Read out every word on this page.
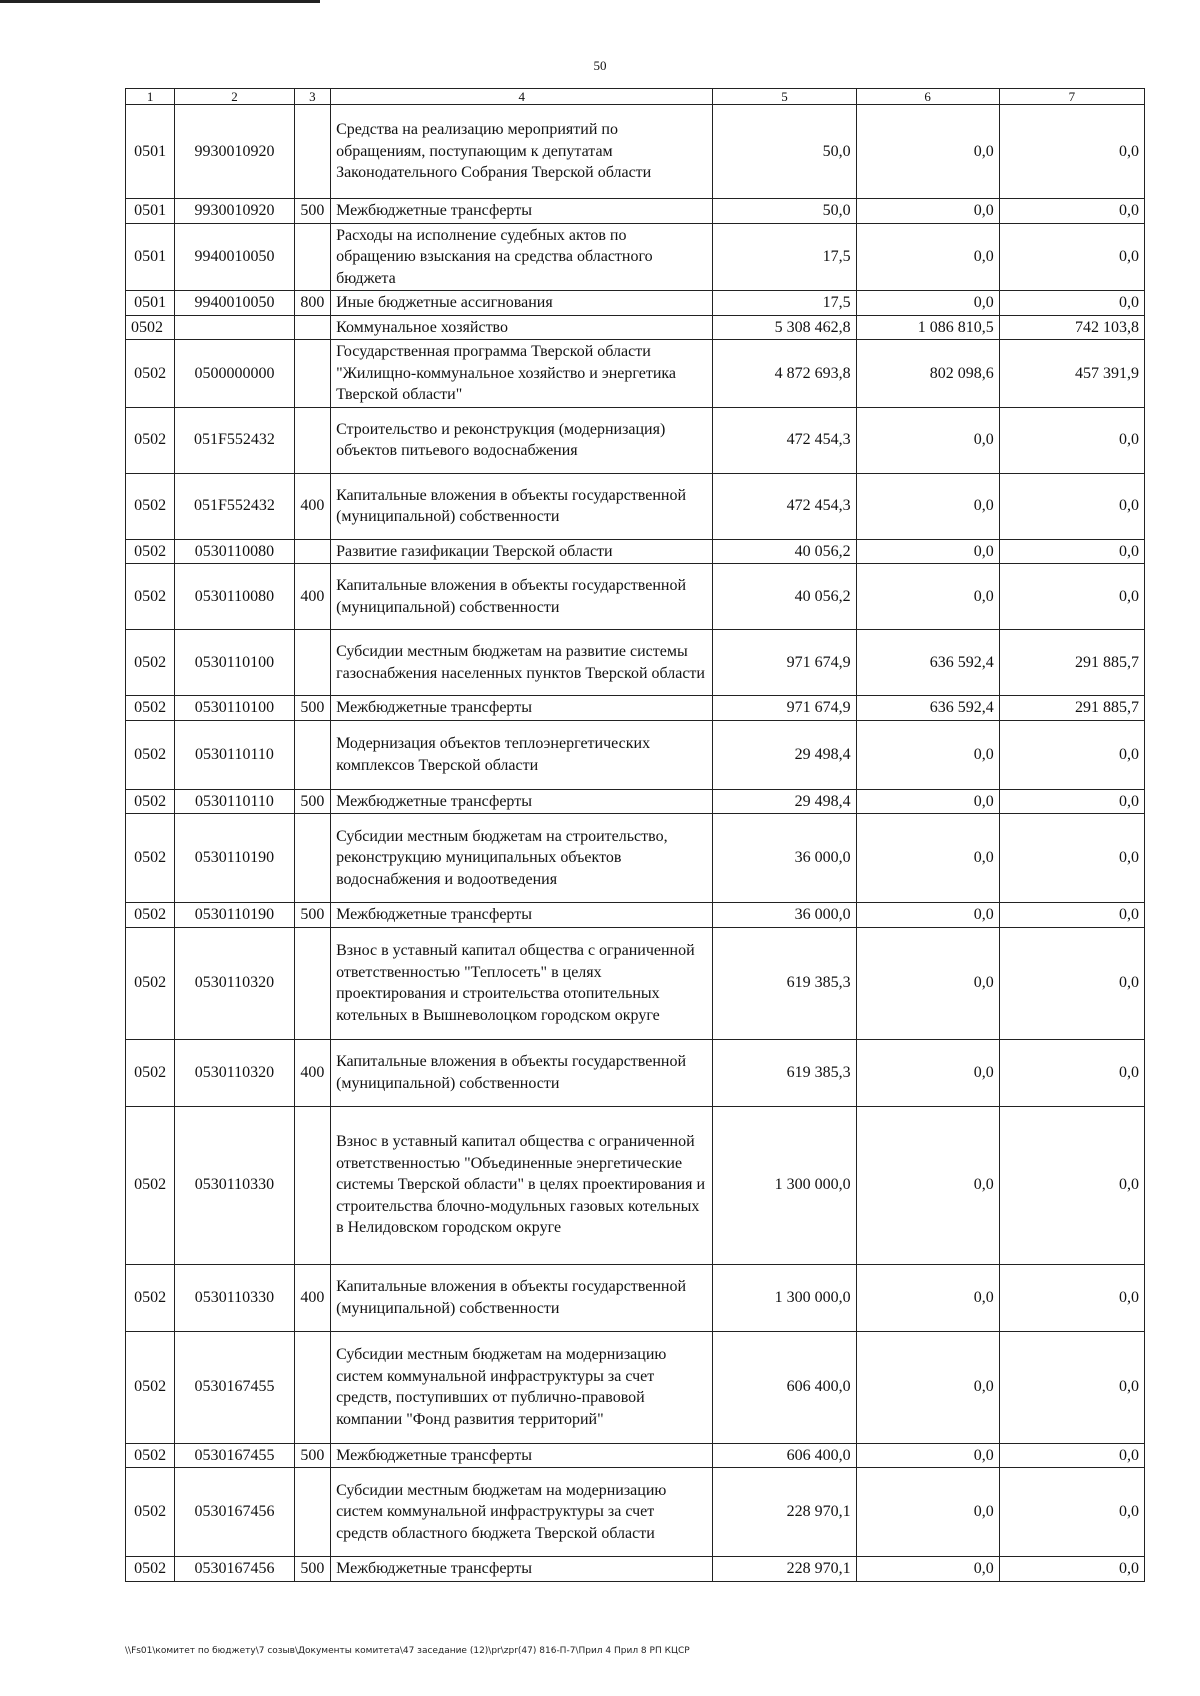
50
1	2	3	4	5	6	7
0501	9930010920		Средства на реализацию мероприятий по обращениям, поступающим к депутатам Законодательного Собрания Тверской области	50,0	0,0	0,0
0501	9930010920	500	Межбюджетные трансферты	50,0	0,0	0,0
0501	9940010050		Расходы на исполнение судебных актов по обращению взыскания на средства областного бюджета	17,5	0,0	0,0
0501	9940010050	800	Иные бюджетные ассигнования	17,5	0,0	0,0
0502			Коммунальное хозяйство	5 308 462,8	1 086 810,5	742 103,8
0502	0500000000		Государственная программа Тверской области "Жилищно-коммунальное хозяйство и энергетика Тверской области"	4 872 693,8	802 098,6	457 391,9
0502	051F552432		Строительство и реконструкция (модернизация) объектов питьевого водоснабжения	472 454,3	0,0	0,0
0502	051F552432	400	Капитальные вложения в объекты государственной (муниципальной) собственности	472 454,3	0,0	0,0
0502	0530110080		Развитие газификации Тверской области	40 056,2	0,0	0,0
0502	0530110080	400	Капитальные вложения в объекты государственной (муниципальной) собственности	40 056,2	0,0	0,0
0502	0530110100		Субсидии местным бюджетам на развитие системы газоснабжения населенных пунктов Тверской области	971 674,9	636 592,4	291 885,7
0502	0530110100	500	Межбюджетные трансферты	971 674,9	636 592,4	291 885,7
0502	0530110110		Модернизация объектов теплоэнергетических комплексов Тверской области	29 498,4	0,0	0,0
0502	0530110110	500	Межбюджетные трансферты	29 498,4	0,0	0,0
0502	0530110190		Субсидии местным бюджетам на строительство, реконструкцию муниципальных объектов водоснабжения и водоотведения	36 000,0	0,0	0,0
0502	0530110190	500	Межбюджетные трансферты	36 000,0	0,0	0,0
0502	0530110320		Взнос в уставный капитал общества с ограниченной ответственностью "Теплосеть" в целях проектирования и строительства отопительных котельных в Вышневолоцком городском округе	619 385,3	0,0	0,0
0502	0530110320	400	Капитальные вложения в объекты государственной (муниципальной) собственности	619 385,3	0,0	0,0
0502	0530110330		Взнос в уставный капитал общества с ограниченной ответственностью "Объединенные энергетические системы Тверской области" в целях проектирования и строительства блочно-модульных газовых котельных в Нелидовском городском округе	1 300 000,0	0,0	0,0
0502	0530110330	400	Капитальные вложения в объекты государственной (муниципальной) собственности	1 300 000,0	0,0	0,0
0502	0530167455		Субсидии местным бюджетам на модернизацию систем коммунальной инфраструктуры за счет средств, поступивших от публично-правовой компании "Фонд развития территорий"	606 400,0	0,0	0,0
0502	0530167455	500	Межбюджетные трансферты	606 400,0	0,0	0,0
0502	0530167456		Субсидии местным бюджетам на модернизацию систем коммунальной инфраструктуры за счет средств областного бюджета Тверской области	228 970,1	0,0	0,0
0502	0530167456	500	Межбюджетные трансферты	228 970,1	0,0	0,0
\\Fs01\комитет по бюджету\7 созыв\Документы комитета\47 заседание (12)\pr\zpr(47) 816-П-7\Прил 4 Прил 8 РП КЦСР
